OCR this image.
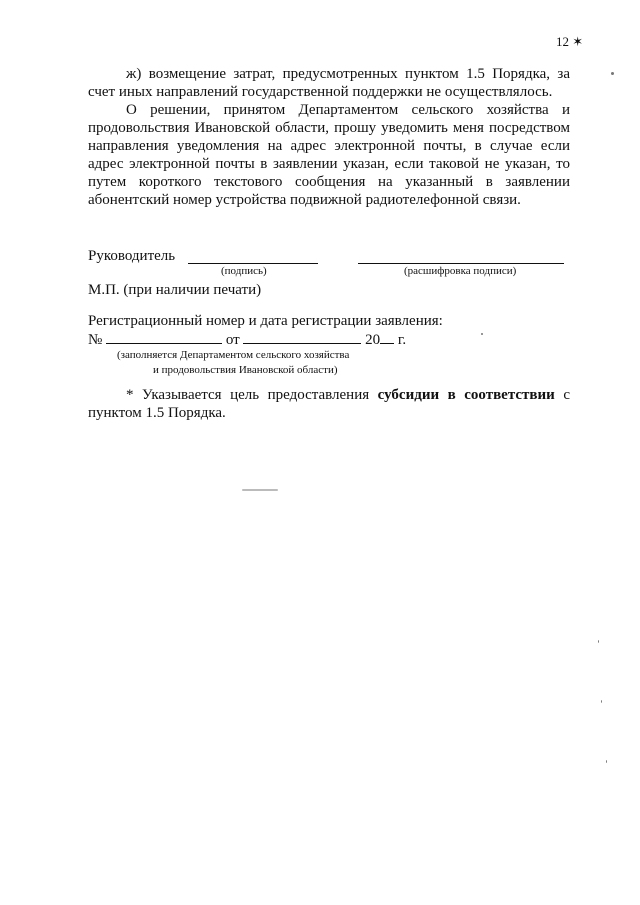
12 ✶

ж) возмещение затрат, предусмотренных пунктом 1.5 Порядка, за счет иных направлений государственной поддержки не осуществлялось.

О решении, принятом Департаментом сельского хозяйства и продовольствия Ивановской области, прошу уведомить меня посредством направления уведомления на адрес электронной почты, в случае если адрес электронной почты в заявлении указан, если таковой не указан, то путем короткого текстового сообщения на указанный в заявлении абонентский номер устройства подвижной радиотелефонной связи.

Руководитель
(подпись)	(расшифровка подписи)
М.П. (при наличии печати)
Регистрационный номер и дата регистрации заявления:
№	от	20 г.
(заполняется Департаментом сельского хозяйства
и продовольствия Ивановской области)

* Указывается цель предоставления субсидии в соответствии с пунктом 1.5 Порядка.
